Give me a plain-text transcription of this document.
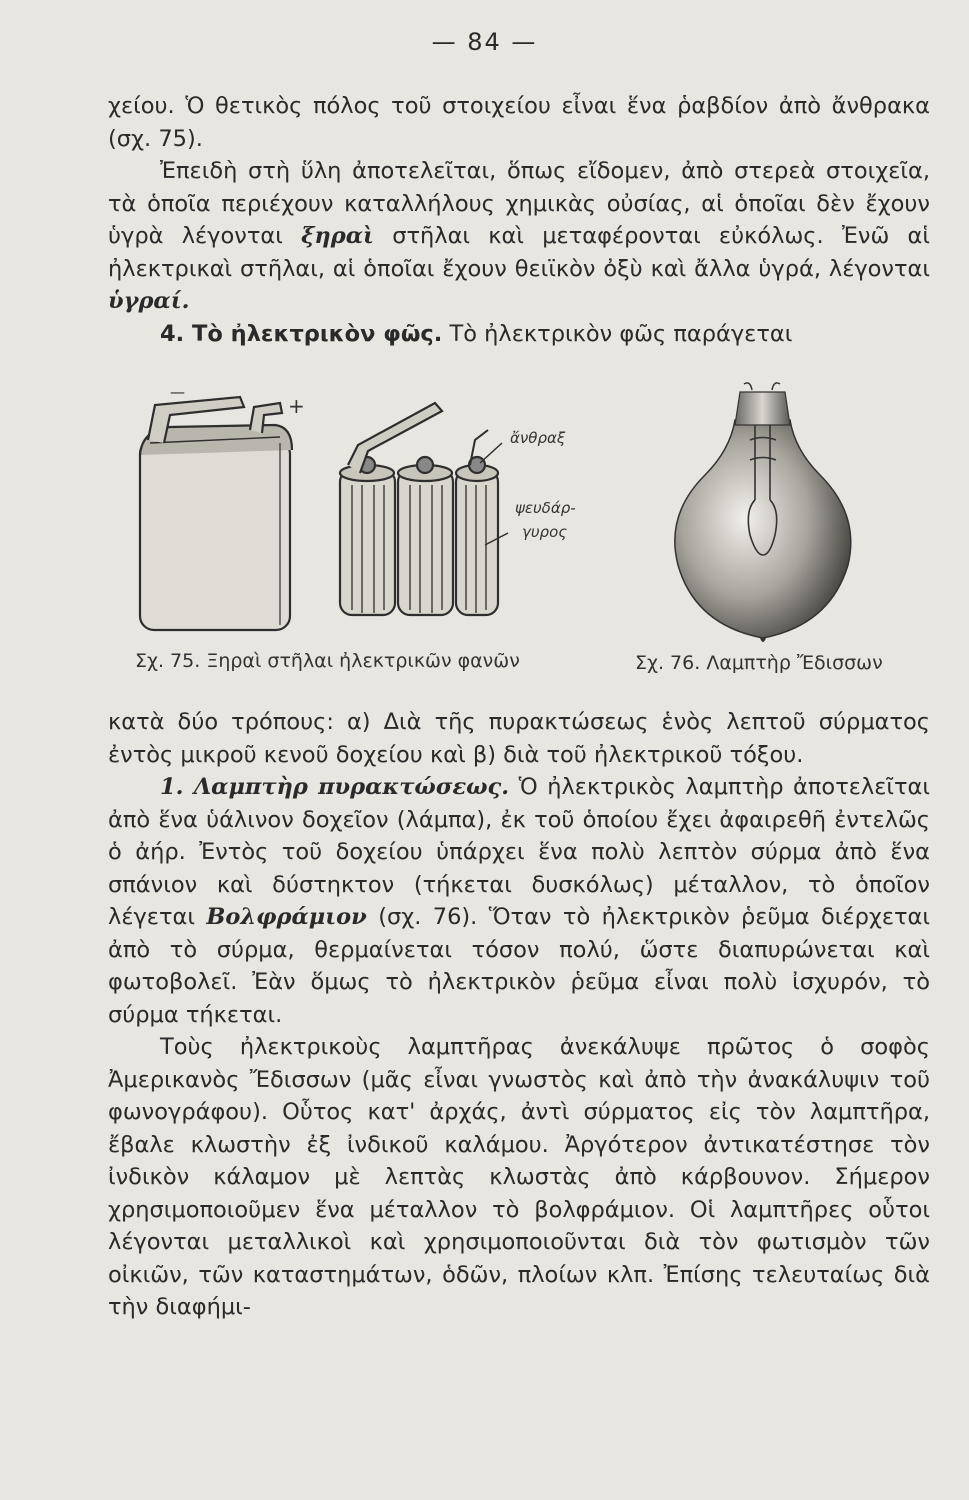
— 84 —

χείου. Ὁ θετικὸς πόλος τοῦ στοιχείου εἶναι ἕνα ῥαβδίον ἀπὸ ἄνθρακα (σχ. 75).

Ἐπειδὴ στὴ ὕλη ἀποτελεῖται, ὅπως εἴδομεν, ἀπὸ στερεὰ στοιχεῖα, τὰ ὁποῖα περιέχουν καταλλήλους χημικὰς οὐσίας, αἱ ὁποῖαι δὲν ἔχουν ὑγρὰ λέγονται ξηραὶ στῆλαι καὶ μεταφέρονται εὐκόλως. Ἐνῶ αἱ ἠλεκτρικαὶ στῆλαι, αἱ ὁποῖαι ἔχουν θειϊκὸν ὀξὺ καὶ ἄλλα ὑγρά, λέγονται ὑγραί.

4. Τὸ ἠλεκτρικὸν φῶς. Τὸ ἠλεκτρικὸν φῶς παράγεται

—
+
ἄνθραξ
ψευδάρ-
γυρος
Σχ. 75. Ξηραὶ στῆλαι ἠλεκτρικῶν φανῶν	Σχ. 76. Λαμπτὴρ Ἔδισσων

κατὰ δύο τρόπους: α) Διὰ τῆς πυρακτώσεως ἑνὸς λεπτοῦ σύρματος ἐντὸς μικροῦ κενοῦ δοχείου καὶ β) διὰ τοῦ ἠλεκτρικοῦ τόξου.

1. Λαμπτὴρ πυρακτώσεως. Ὁ ἠλεκτρικὸς λαμπτὴρ ἀποτελεῖται ἀπὸ ἕνα ὑάλινον δοχεῖον (λάμπα), ἐκ τοῦ ὁποίου ἔχει ἀφαιρεθῆ ἐντελῶς ὁ ἀήρ. Ἐντὸς τοῦ δοχείου ὑπάρχει ἕνα πολὺ λεπτὸν σύρμα ἀπὸ ἕνα σπάνιον καὶ δύστηκτον (τήκεται δυσκόλως) μέταλλον, τὸ ὁποῖον λέγεται Βολφράμιον (σχ. 76). Ὅταν τὸ ἠλεκτρικὸν ῥεῦμα διέρχεται ἀπὸ τὸ σύρμα, θερμαίνεται τόσον πολύ, ὥστε διαπυρώνεται καὶ φωτοβολεῖ. Ἐὰν ὅμως τὸ ἠλεκτρικὸν ῥεῦμα εἶναι πολὺ ἰσχυρόν, τὸ σύρμα τήκεται.

Τοὺς ἠλεκτρικοὺς λαμπτῆρας ἀνεκάλυψε πρῶτος ὁ σοφὸς Ἀμερικανὸς Ἔδισσων (μᾶς εἶναι γνωστὸς καὶ ἀπὸ τὴν ἀνακάλυψιν τοῦ φωνογράφου). Οὗτος κατ' ἀρχάς, ἀντὶ σύρματος εἰς τὸν λαμπτῆρα, ἔβαλε κλωστὴν ἐξ ἰνδικοῦ καλάμου. Ἀργότερον ἀντικατέστησε τὸν ἰνδικὸν κάλαμον μὲ λεπτὰς κλωστὰς ἀπὸ κάρβουνον. Σήμερον χρησιμοποιοῦμεν ἕνα μέταλλον τὸ βολφράμιον. Οἱ λαμπτῆρες οὗτοι λέγονται μεταλλικοὶ καὶ χρησιμοποιοῦνται διὰ τὸν φωτισμὸν τῶν οἰκιῶν, τῶν καταστημάτων, ὁδῶν, πλοίων κλπ. Ἐπίσης τελευταίως διὰ τὴν διαφήμι-
